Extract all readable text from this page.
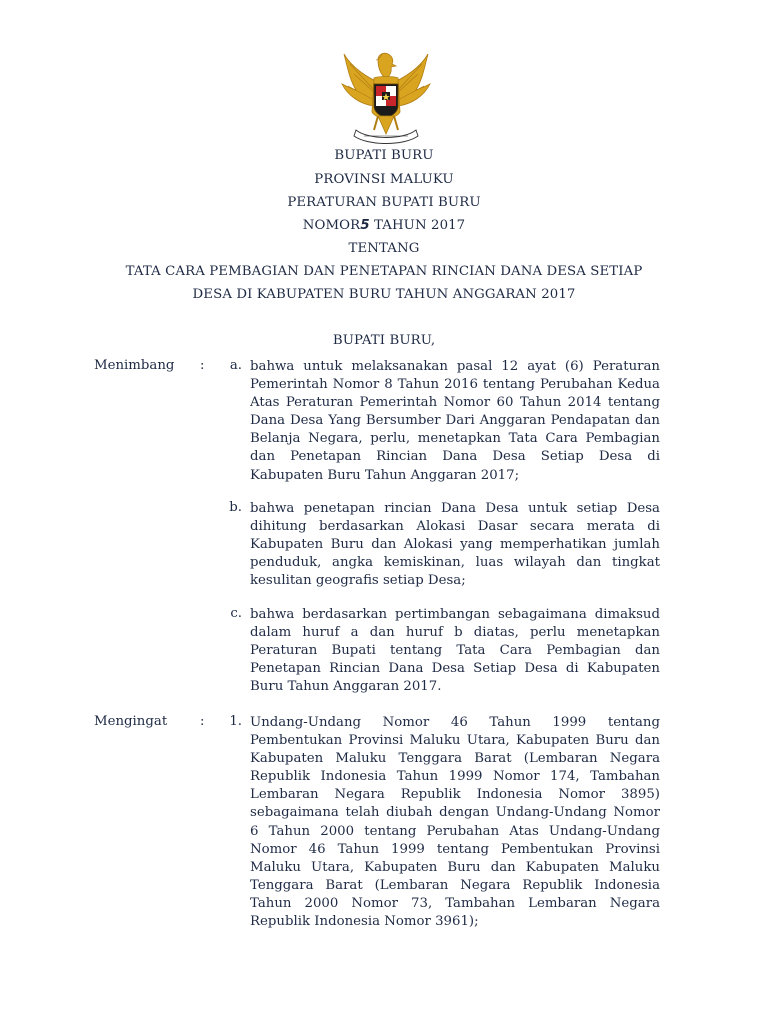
BUPATI BURU
PROVINSI MALUKU
PERATURAN BUPATI BURU
NOMOR5 TAHUN 2017
TENTANG
TATA CARA PEMBAGIAN DAN PENETAPAN RINCIAN DANA DESA SETIAP
DESA DI KABUPATEN BURU TAHUN ANGGARAN 2017
BUPATI BURU,
Menimbang :	a. bahwa untuk melaksanakan pasal 12 ayat (6) Peraturan Pemerintah Nomor 8 Tahun 2016 tentang Perubahan Kedua Atas Peraturan Pemerintah Nomor 60 Tahun 2014 tentang Dana Desa Yang Bersumber Dari Anggaran Pendapatan dan Belanja Negara, perlu, menetapkan Tata Cara Pembagian dan Penetapan Rincian Dana Desa Setiap Desa di Kabupaten Buru Tahun Anggaran 2017;
b. bahwa penetapan rincian Dana Desa untuk setiap Desa dihitung berdasarkan Alokasi Dasar secara merata di Kabupaten Buru dan Alokasi yang memperhatikan jumlah penduduk, angka kemiskinan, luas wilayah dan tingkat kesulitan geografis setiap Desa;
c. bahwa berdasarkan pertimbangan sebagaimana dimaksud dalam huruf a dan huruf b diatas, perlu menetapkan Peraturan Bupati tentang Tata Cara Pembagian dan Penetapan Rincian Dana Desa Setiap Desa di Kabupaten Buru Tahun Anggaran 2017.
Mengingat :	1. Undang-Undang Nomor 46 Tahun 1999 tentang Pembentukan Provinsi Maluku Utara, Kabupaten Buru dan Kabupaten Maluku Tenggara Barat (Lembaran Negara Republik Indonesia Tahun 1999 Nomor 174, Tambahan Lembaran Negara Republik Indonesia Nomor 3895) sebagaimana telah diubah dengan Undang-Undang Nomor 6 Tahun 2000 tentang Perubahan Atas Undang-Undang Nomor 46 Tahun 1999 tentang Pembentukan Provinsi Maluku Utara, Kabupaten Buru dan Kabupaten Maluku Tenggara Barat (Lembaran Negara Republik Indonesia Tahun 2000 Nomor 73, Tambahan Lembaran Negara Republik Indonesia Nomor 3961);
